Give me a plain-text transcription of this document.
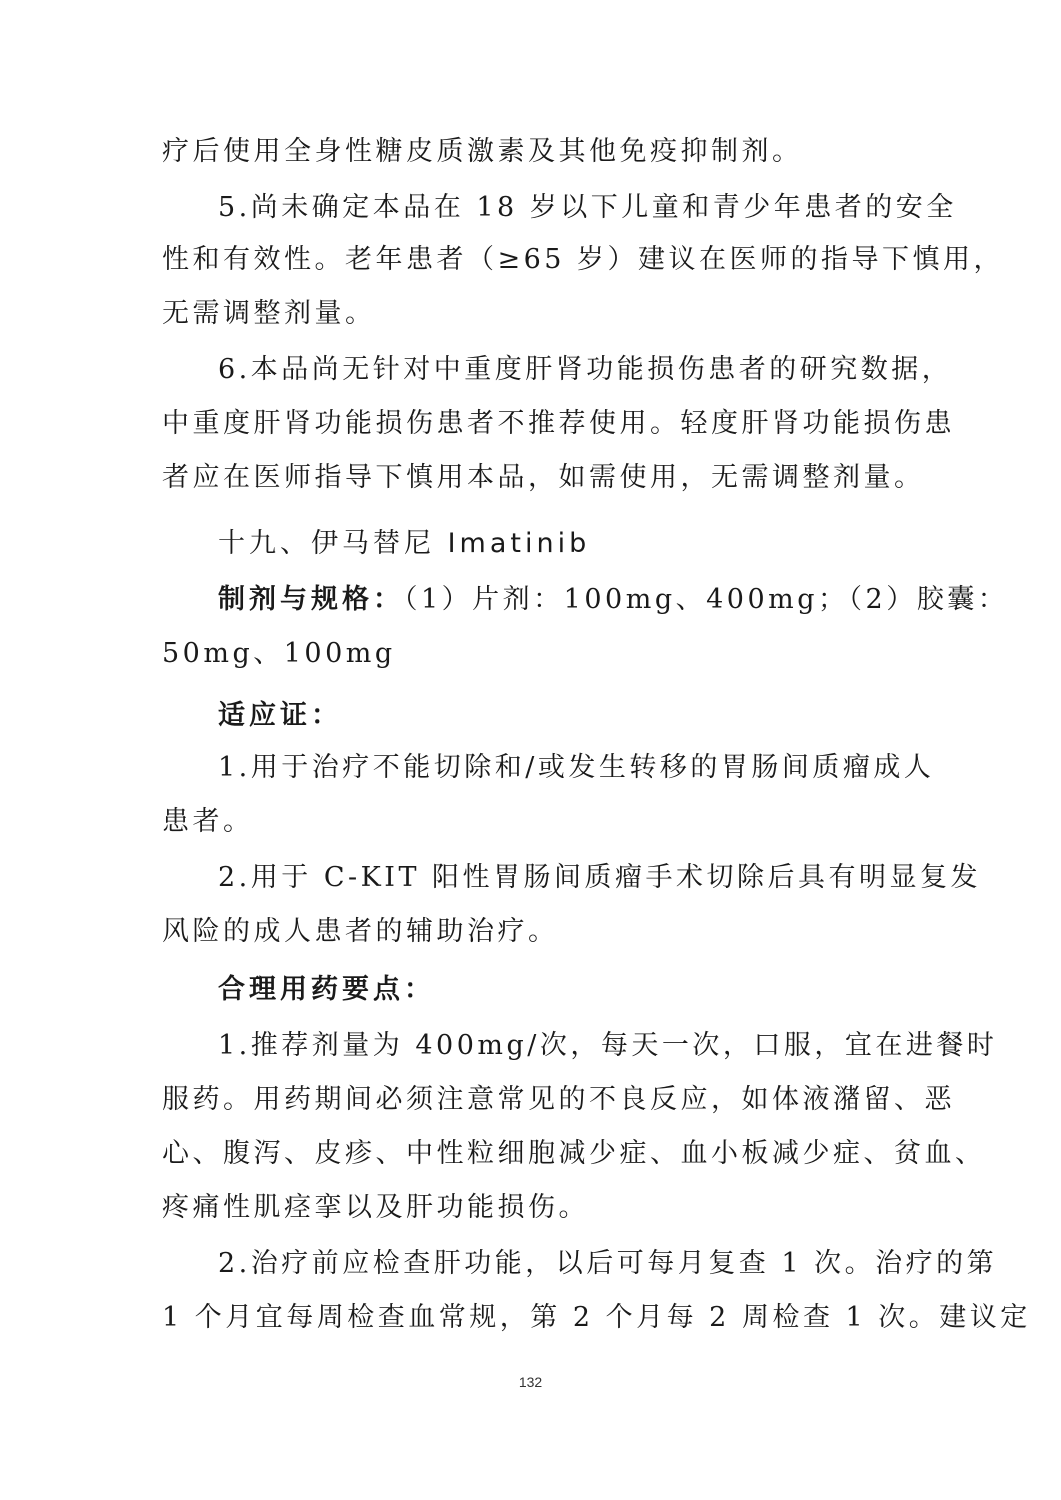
疗后使用全身性糖皮质激素及其他免疫抑制剂。
5.尚未确定本品在 18 岁以下儿童和青少年患者的安全
性和有效性。老年患者（≥65 岁）建议在医师的指导下慎用，
无需调整剂量。
6.本品尚无针对中重度肝肾功能损伤患者的研究数据，
中重度肝肾功能损伤患者不推荐使用。轻度肝肾功能损伤患
者应在医师指导下慎用本品，如需使用，无需调整剂量。
十九、伊马替尼 Imatinib
制剂与规格：（1）片剂：100mg、400mg；（2）胶囊：
50mg、100mg
适应证：
1.用于治疗不能切除和/或发生转移的胃肠间质瘤成人
患者。
2.用于 C-KIT 阳性胃肠间质瘤手术切除后具有明显复发
风险的成人患者的辅助治疗。
合理用药要点：
1.推荐剂量为 400mg/次，每天一次，口服，宜在进餐时
服药。用药期间必须注意常见的不良反应，如体液潴留、恶
心、腹泻、皮疹、中性粒细胞减少症、血小板减少症、贫血、
疼痛性肌痉挛以及肝功能损伤。
2.治疗前应检查肝功能，以后可每月复查 1 次。治疗的第
1 个月宜每周检查血常规，第 2 个月每 2 周检查 1 次。建议定
132
